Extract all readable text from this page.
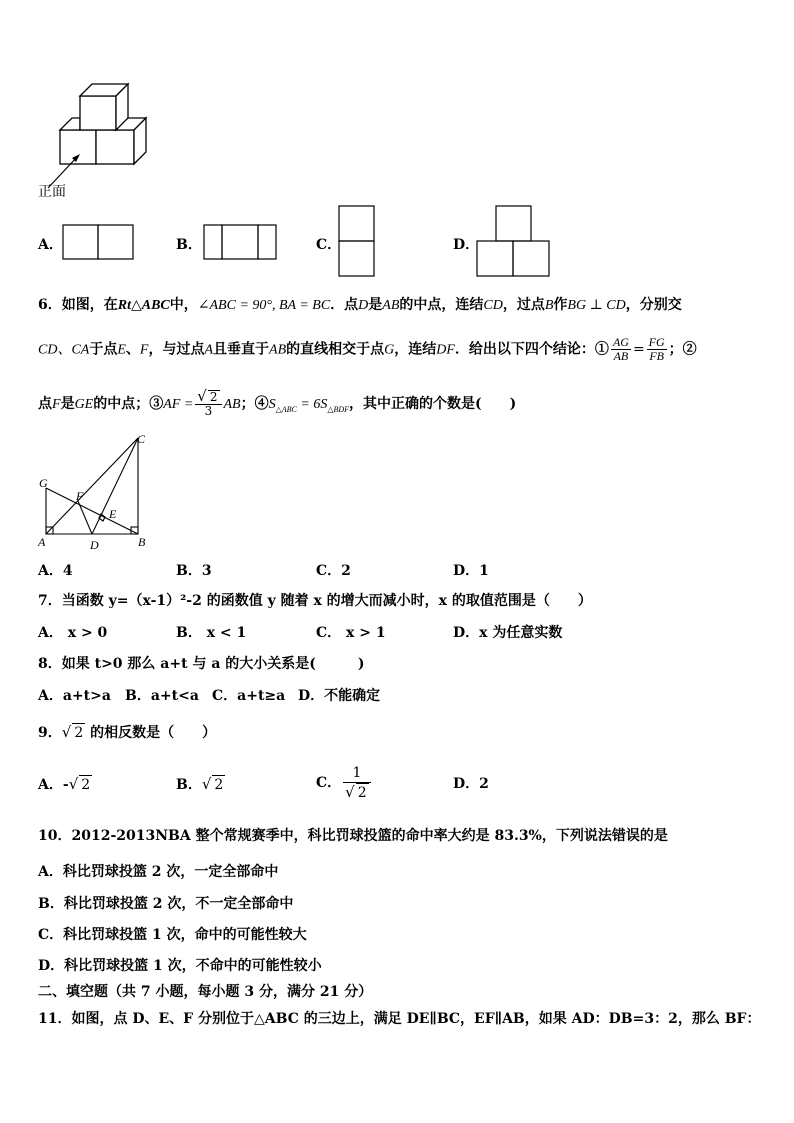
正面
A．	B．	C．	D．
6．如图，在Rt△ABC中，∠ABC = 90°, BA = BC．点D是AB的中点，连结CD，过点B作BG ⊥ CD，分别交
CD、CA于点E、F，与过点A且垂直于AB的直线相交于点G，连结DF．给出以下四个结论：① $\frac{AG}{AB} = \frac{FG}{FB}$ ；②
点F是GE的中点；③AF = $\frac{√ 2}{3}$ AB；$④S_{\triangle ABC} = 6S_{\triangle BDF}$，其中正确的个数是(　　)
C
G
F
E
A	D	B
A．4	B．3	C．2	D．1
7．当函数 y=（x-1）²-2 的函数值 y 随着 x 的增大而减小时，x 的取值范围是（　　）
A． x > 0	B． x < 1	C． x > 1	D．x 为任意实数
8．如果 t>0 那么 a+t 与 a 的大小关系是(　　　)
A．a+t>a B．a+t<a C．a+t≥a D．不能确定
9．√ 2 的相反数是（　　）
A．-√ 2	B．√ 2	C． $\frac{1}{√ 2}$	D．2
10．2012-2013NBA 整个常规赛季中，科比罚球投篮的命中率大约是 83.3%，下列说法错误的是
A．科比罚球投篮 2 次，一定全部命中
B．科比罚球投篮 2 次，不一定全部命中
C．科比罚球投篮 1 次，命中的可能性较大
D．科比罚球投篮 1 次，不命中的可能性较小
二、填空题（共 7 小题，每小题 3 分，满分 21 分）
11．如图，点 D、E、F 分别位于△ABC 的三边上，满足 DE∥BC，EF∥AB，如果 AD：DB=3：2，那么 BF：
